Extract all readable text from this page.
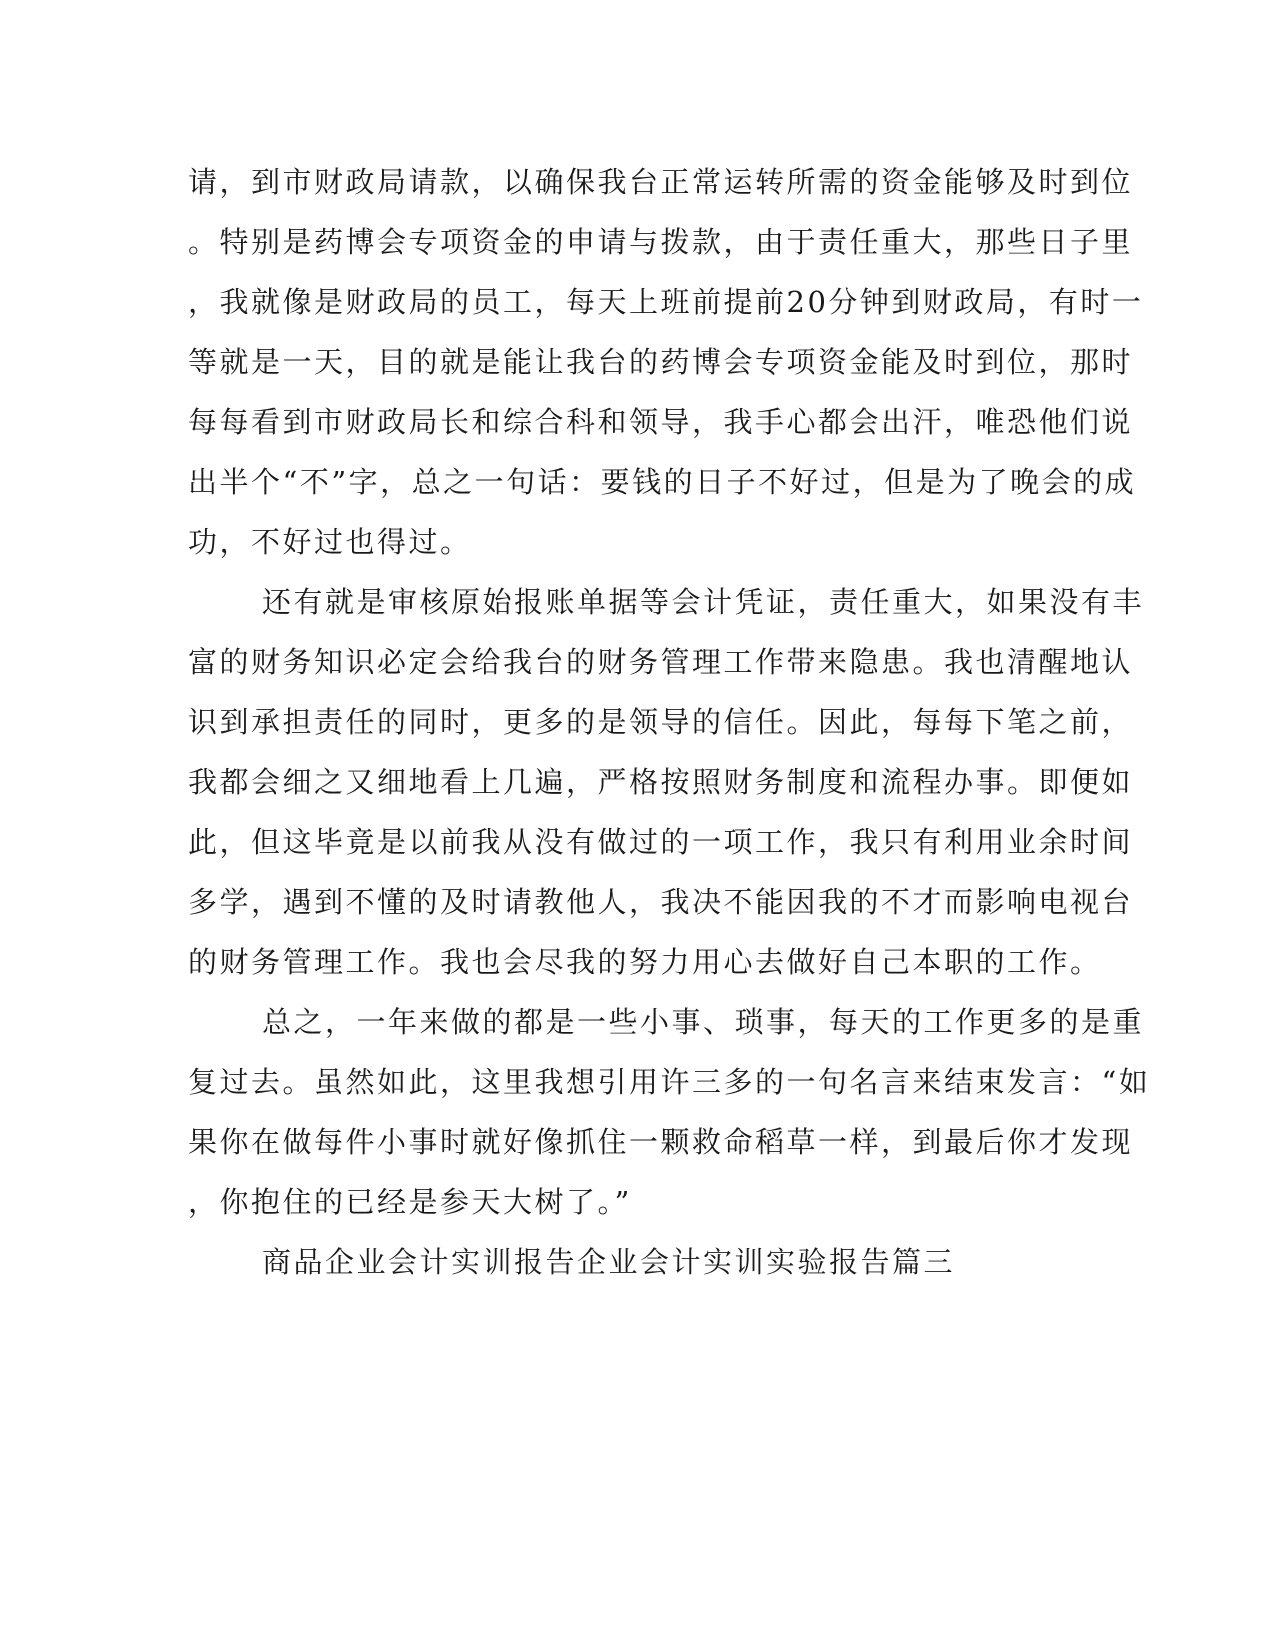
请，到市财政局请款，以确保我台正常运转所需的资金能够及时到位
。特别是药博会专项资金的申请与拨款，由于责任重大，那些日子里
，我就像是财政局的员工，每天上班前提前20分钟到财政局，有时一
等就是一天，目的就是能让我台的药博会专项资金能及时到位，那时
每每看到市财政局长和综合科和领导，我手心都会出汗，唯恐他们说
出半个“不”字，总之一句话：要钱的日子不好过，但是为了晚会的成
功，不好过也得过。
还有就是审核原始报账单据等会计凭证，责任重大，如果没有丰
富的财务知识必定会给我台的财务管理工作带来隐患。我也清醒地认
识到承担责任的同时，更多的是领导的信任。因此，每每下笔之前，
我都会细之又细地看上几遍，严格按照财务制度和流程办事。即便如
此，但这毕竟是以前我从没有做过的一项工作，我只有利用业余时间
多学，遇到不懂的及时请教他人，我决不能因我的不才而影响电视台
的财务管理工作。我也会尽我的努力用心去做好自己本职的工作。
总之，一年来做的都是一些小事、琐事，每天的工作更多的是重
复过去。虽然如此，这里我想引用许三多的一句名言来结束发言：“如
果你在做每件小事时就好像抓住一颗救命稻草一样，到最后你才发现
，你抱住的已经是参天大树了。”
商品企业会计实训报告企业会计实训实验报告篇三
